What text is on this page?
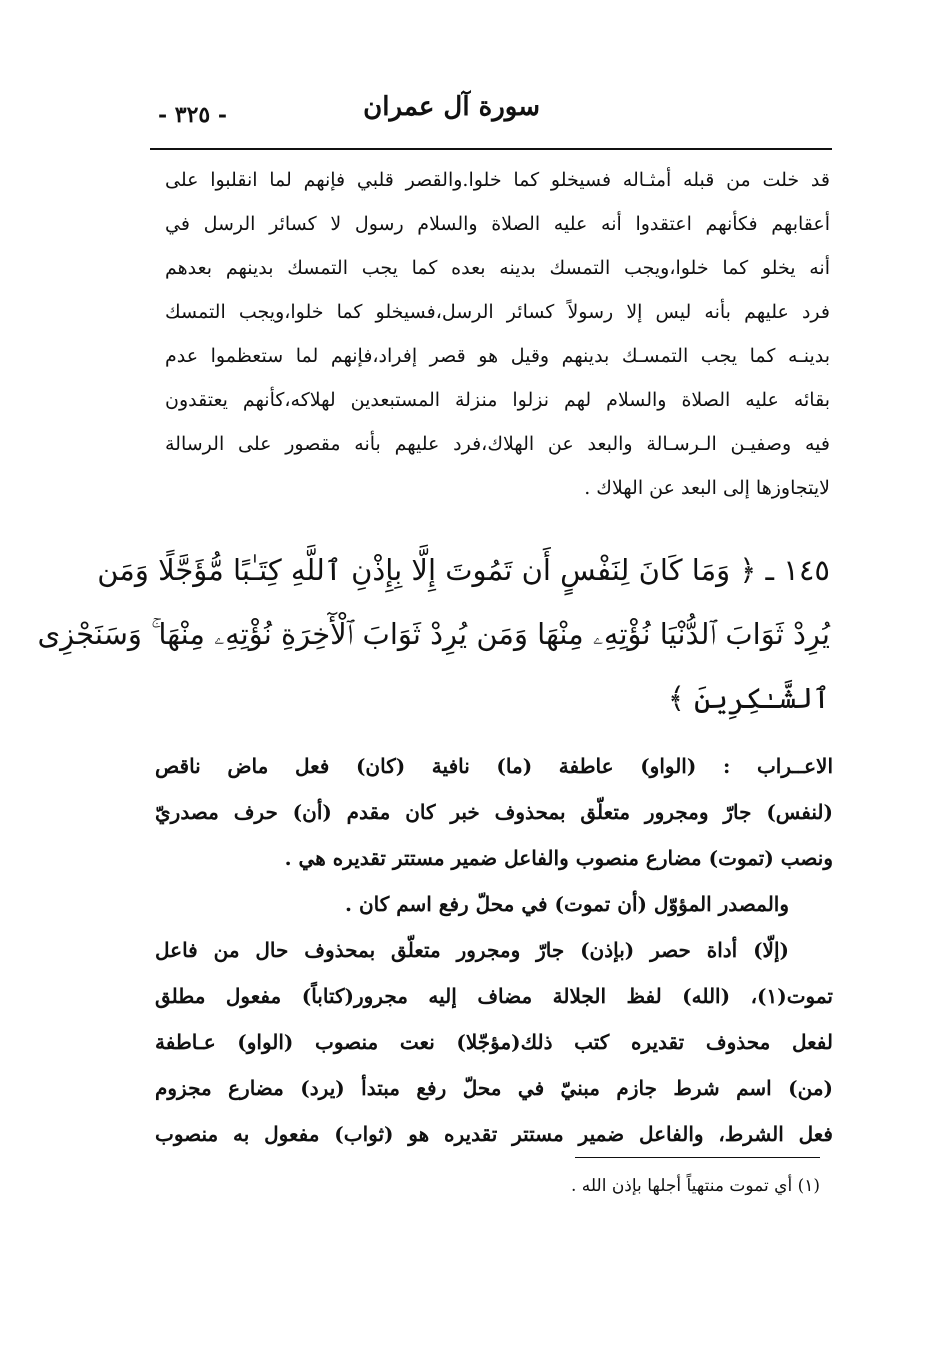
سورة آل عمران
- ٣٢٥ -
قد خلت من قبله أمثـاله فسيخلو كما خلوا.والقصر قلبي فإنهم لما انقلبوا على
أعقابهم فكأنهم اعتقدوا أنه عليه الصلاة والسلام رسول لا كسائر الرسل في
أنه يخلو كما خلوا،ويجب التمسك بدينه بعده كما يجب التمسك بدينهم بعدهم
فرد عليهم بأنه ليس إلا رسولاً كسائر الرسل،فسيخلو كما خلوا،ويجب التمسك
بدينـه كما يجب التمسـك بدينهم وقيل هو قصر إفراد،فإنهم لما ستعظموا عدم
بقائه عليه الصلاة والسلام لهم نزلوا منزلة المستبعدين لهلاكه،كأنهم يعتقدون
فيه وصفيـن الـرسـالة والبعد عن الهلاك،فرد عليهم بأنه مقصور على الرسالة
لايتجاوزها إلى البعد عن الهلاك .
١٤٥ ـ ﴿ وَمَا كَانَ لِنَفْسٍ أَن تَمُوتَ إِلَّا بِإِذْنِ ٱللَّهِ كِتَـٰبًا مُّؤَجَّلًا وَمَن
يُرِدْ ثَوَابَ ٱلدُّنْيَا نُؤْتِهِۦ مِنْهَا وَمَن يُرِدْ ثَوَابَ ٱلْأٓخِرَةِ نُؤْتِهِۦ مِنْهَا ۚ وَسَنَجْزِى
ٱلشَّـٰكِرِينَ ﴾
الاعــراب : (الواو) عاطفة (ما) نافية (كان) فعل ماض ناقص
(لنفس) جارّ ومجرور متعلّق بمحذوف خبر كان مقدم (أن) حرف مصدريّ
ونصب (تموت) مضارع منصوب والفاعل ضمير مستتر تقديره هي .
والمصدر المؤوّل (أن تموت) في محلّ رفع اسم كان .
(إلّا) أداة حصر (بإذن) جارّ ومجرور متعلّق بمحذوف حال من فاعل
تموت(١)، (الله) لفظ الجلالة مضاف إليه مجرور(كتاباً) مفعول مطلق
لفعل محذوف تقديره كتب ذلك(مؤجّلا) نعت منصوب (الواو) عـاطفة
(من) اسم شرط جازم مبنيّ في محلّ رفع مبتدأ (يرد) مضارع مجزوم
فعل الشرط، والفاعل ضمير مستتر تقديره هو (ثواب) مفعول به منصوب
(١) أي تموت منتهياً أجلها بإذن الله .
